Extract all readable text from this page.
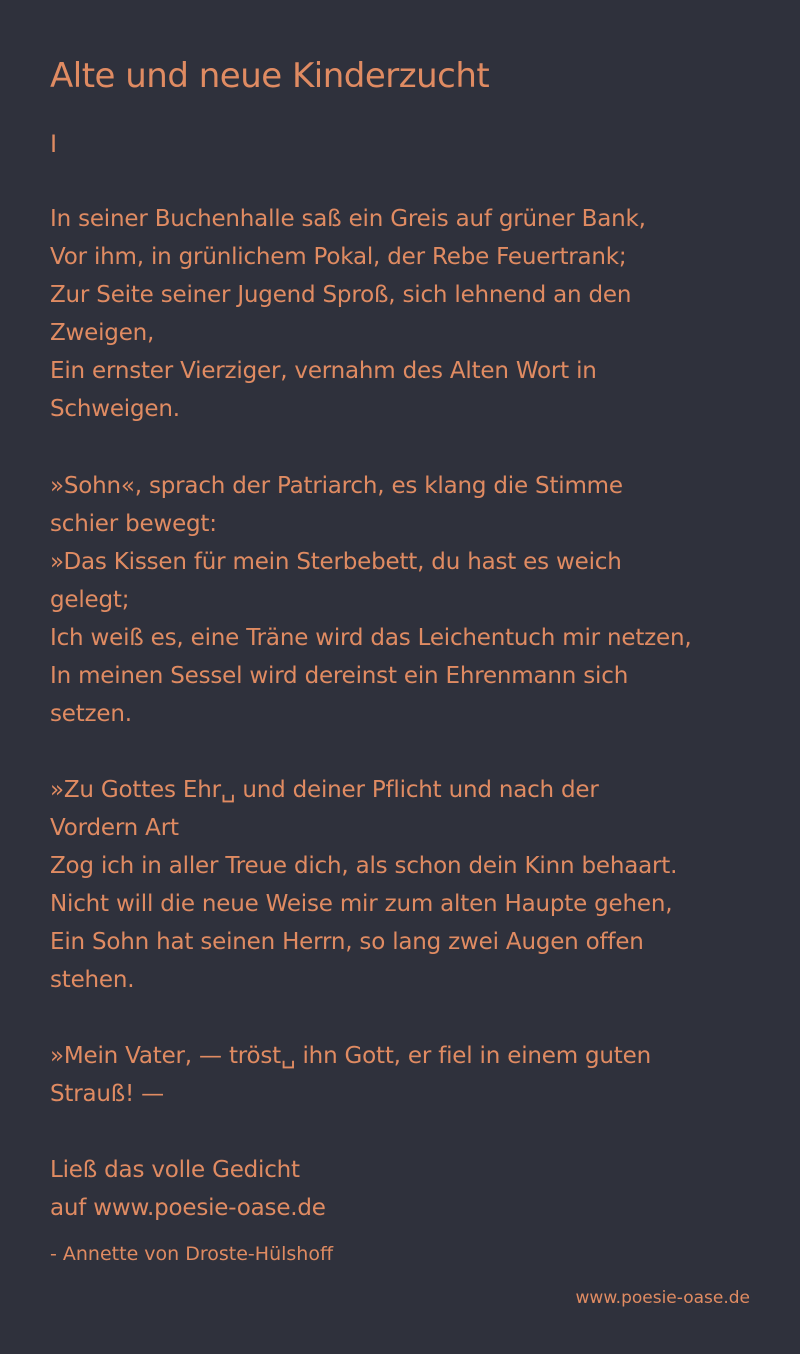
Alte und neue Kinderzucht
I
In seiner Buchenhalle saß ein Greis auf grüner Bank,
Vor ihm, in grünlichem Pokal, der Rebe Feuertrank;
Zur Seite seiner Jugend Sproß, sich lehnend an den
Zweigen,
Ein ernster Vierziger, vernahm des Alten Wort in
Schweigen.
»Sohn«, sprach der Patriarch, es klang die Stimme
schier bewegt:
»Das Kissen für mein Sterbebett, du hast es weich
gelegt;
Ich weiß es, eine Träne wird das Leichentuch mir netzen,
In meinen Sessel wird dereinst ein Ehrenmann sich
setzen.
»Zu Gottes Ehr␣ und deiner Pflicht und nach der
Vordern Art
Zog ich in aller Treue dich, als schon dein Kinn behaart.
Nicht will die neue Weise mir zum alten Haupte gehen,
Ein Sohn hat seinen Herrn, so lang zwei Augen offen
stehen.
»Mein Vater, — tröst␣ ihn Gott, er fiel in einem guten
Strauß! —
Ließ das volle Gedicht
auf www.poesie-oase.de
- Annette von Droste-Hülshoff
www.poesie-oase.de
